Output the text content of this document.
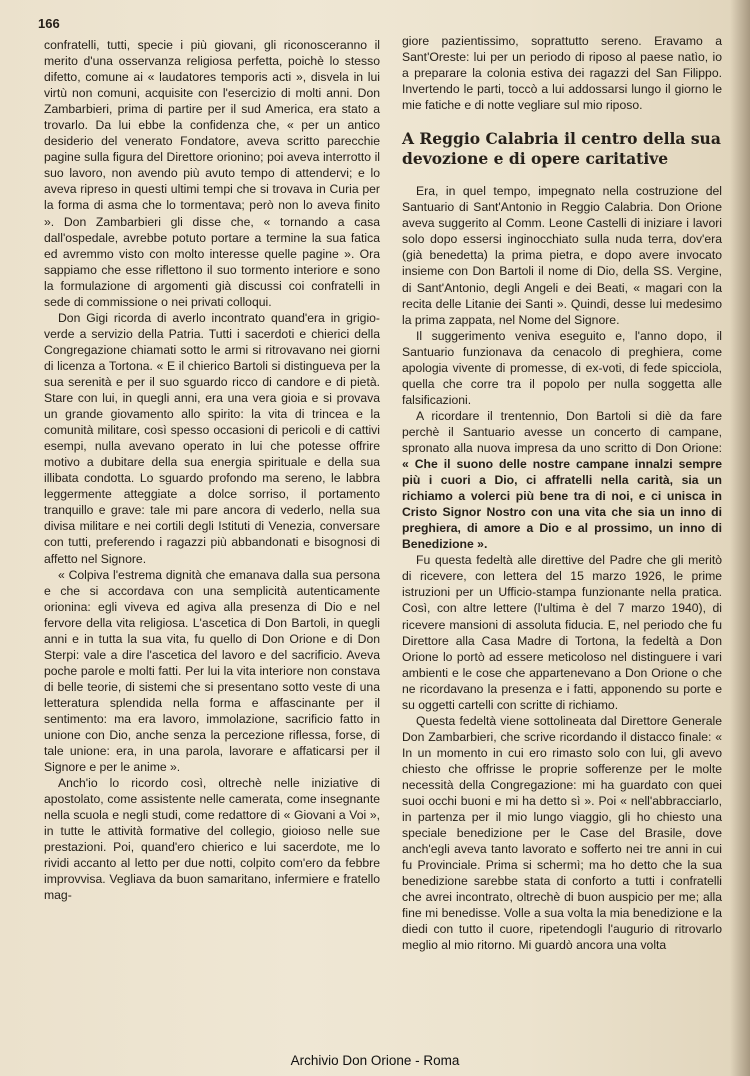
166

confratelli, tutti, specie i più giovani, gli riconosceranno il merito d'una osservanza religiosa perfetta, poichè lo stesso difetto, comune ai « laudatores temporis acti », disvela in lui virtù non comuni, acquisite con l'esercizio di molti anni. Don Zambarbieri, prima di partire per il sud America, era stato a trovarlo. Da lui ebbe la confidenza che, « per un antico desiderio del venerato Fondatore, aveva scritto parecchie pagine sulla figura del Direttore orionino; poi aveva interrotto il suo lavoro, non avendo più avuto tempo di attendervi; e lo aveva ripreso in questi ultimi tempi che si trovava in Curia per la forma di asma che lo tormentava; però non lo aveva finito ». Don Zambarbieri gli disse che, « tornando a casa dall'ospedale, avrebbe potuto portare a termine la sua fatica ed avremmo visto con molto interesse quelle pagine ». Ora sappiamo che esse riflettono il suo tormento interiore e sono la formulazione di argomenti già discussi coi confratelli in sede di commissione o nei privati colloqui.

Don Gigi ricorda di averlo incontrato quand'era in grigio-verde a servizio della Patria. Tutti i sacerdoti e chierici della Congregazione chiamati sotto le armi si ritrovavano nei giorni di licenza a Tortona. « E il chierico Bartoli si distingueva per la sua serenità e per il suo sguardo ricco di candore e di pietà. Stare con lui, in quegli anni, era una vera gioia e si provava un grande giovamento allo spirito: la vita di trincea e la comunità militare, così spesso occasioni di pericoli e di cattivi esempi, nulla avevano operato in lui che potesse offrire motivo a dubitare della sua energia spirituale e della sua illibata condotta. Lo sguardo profondo ma sereno, le labbra leggermente atteggiate a dolce sorriso, il portamento tranquillo e grave: tale mi pare ancora di vederlo, nella sua divisa militare e nei cortili degli Istituti di Venezia, conversare con tutti, preferendo i ragazzi più abbandonati e bisognosi di affetto nel Signore.

« Colpiva l'estrema dignità che emanava dalla sua persona e che si accordava con una semplicità autenticamente orionina: egli viveva ed agiva alla presenza di Dio e nel fervore della vita religiosa. L'ascetica di Don Bartoli, in quegli anni e in tutta la sua vita, fu quello di Don Orione e di Don Sterpi: vale a dire l'ascetica del lavoro e del sacrificio. Aveva poche parole e molti fatti. Per lui la vita interiore non constava di belle teorie, di sistemi che si presentano sotto veste di una letteratura splendida nella forma e affascinante per il sentimento: ma era lavoro, immolazione, sacrificio fatto in unione con Dio, anche senza la percezione riflessa, forse, di tale unione: era, in una parola, lavorare e affaticarsi per il Signore e per le anime ».

Anch'io lo ricordo così, oltrechè nelle iniziative di apostolato, come assistente nelle camerata, come insegnante nella scuola e negli studi, come redattore di « Giovani a Voi », in tutte le attività formative del collegio, gioioso nelle sue prestazioni. Poi, quand'ero chierico e lui sacerdote, me lo rividi accanto al letto per due notti, colpito com'ero da febbre improvvisa. Vegliava da buon samaritano, infermiere e fratello mag-

giore pazientissimo, soprattutto sereno. Eravamo a Sant'Oreste: lui per un periodo di riposo al paese natìo, io a preparare la colonia estiva dei ragazzi del San Filippo. Invertendo le parti, toccò a lui addossarsi lungo il giorno le mie fatiche e di notte vegliare sul mio riposo.

A Reggio Calabria il centro della sua devozione e di opere caritative

Era, in quel tempo, impegnato nella costruzione del Santuario di Sant'Antonio in Reggio Calabria. Don Orione aveva suggerito al Comm. Leone Castelli di iniziare i lavori solo dopo essersi inginocchiato sulla nuda terra, dov'era (già benedetta) la prima pietra, e dopo avere invocato insieme con Don Bartoli il nome di Dio, della SS. Vergine, di Sant'Antonio, degli Angeli e dei Beati, « magari con la recita delle Litanie dei Santi ». Quindi, desse lui medesimo la prima zappata, nel Nome del Signore.

Il suggerimento veniva eseguito e, l'anno dopo, il Santuario funzionava da cenacolo di preghiera, come apologia vivente di promesse, di ex-voti, di fede spicciola, quella che corre tra il popolo per nulla soggetta alle falsificazioni.

A ricordare il trentennio, Don Bartoli si diè da fare perchè il Santuario avesse un concerto di campane, spronato alla nuova impresa da uno scritto di Don Orione: « Che il suono delle nostre campane innalzi sempre più i cuori a Dio, ci affratelli nella carità, sia un richiamo a volerci più bene tra di noi, e ci unisca in Cristo Signor Nostro con una vita che sia un inno di preghiera, di amore a Dio e al prossimo, un inno di Benedizione ».

Fu questa fedeltà alle direttive del Padre che gli meritò di ricevere, con lettera del 15 marzo 1926, le prime istruzioni per un Ufficio-stampa funzionante nella pratica. Così, con altre lettere (l'ultima è del 7 marzo 1940), di ricevere mansioni di assoluta fiducia. E, nel periodo che fu Direttore alla Casa Madre di Tortona, la fedeltà a Don Orione lo portò ad essere meticoloso nel distinguere i vari ambienti e le cose che appartenevano a Don Orione o che ne ricordavano la presenza e i fatti, apponendo su porte e su oggetti cartelli con scritte di richiamo.

Questa fedeltà viene sottolineata dal Direttore Generale Don Zambarbieri, che scrive ricordando il distacco finale: « In un momento in cui ero rimasto solo con lui, gli avevo chiesto che offrisse le proprie sofferenze per le molte necessità della Congregazione: mi ha guardato con quei suoi occhi buoni e mi ha detto sì ». Poi « nell'abbracciarlo, in partenza per il mio lungo viaggio, gli ho chiesto una speciale benedizione per le Case del Brasile, dove anch'egli aveva tanto lavorato e sofferto nei tre anni in cui fu Provinciale. Prima si schermì; ma ho detto che la sua benedizione sarebbe stata di conforto a tutti i confratelli che avrei incontrato, oltrechè di buon auspicio per me; alla fine mi benedisse. Volle a sua volta la mia benedizione e la diedi con tutto il cuore, ripetendogli l'augurio di ritrovarlo meglio al mio ritorno. Mi guardò ancora una volta

Archivio Don Orione - Roma
